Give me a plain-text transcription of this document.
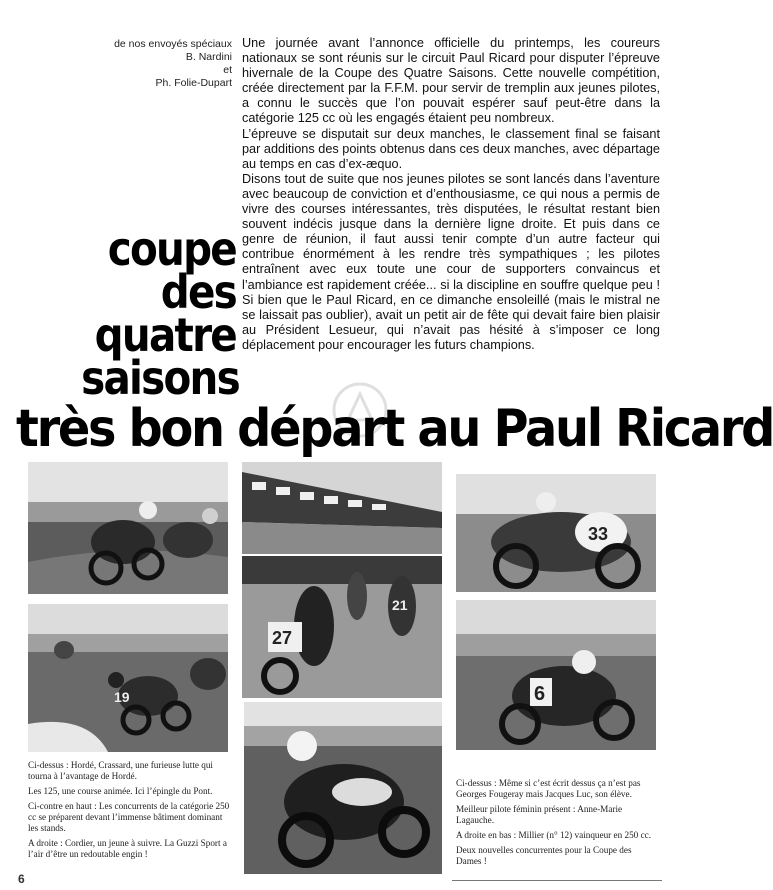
de nos envoyés spéciaux
B. Nardini
et
Ph. Folie-Dupart

Une journée avant l’annonce officielle du printemps, les coureurs nationaux se sont réunis sur le circuit Paul Ricard pour disputer l’épreuve hivernale de la Coupe des Quatre Saisons. Cette nouvelle compétition, créée directement par la F.F.M. pour servir de tremplin aux jeunes pilotes, a connu le succès que l’on pouvait espérer sauf peut-être dans la catégorie 125 cc où les engagés étaient peu nombreux.

L’épreuve se disputait sur deux manches, le classement final se faisant par additions des points obtenus dans ces deux manches, avec départage au temps en cas d’ex-æquo.

Disons tout de suite que nos jeunes pilotes se sont lancés dans l’aventure avec beaucoup de conviction et d’enthousiasme, ce qui nous a permis de vivre des courses intéressantes, très disputées, le résultat restant bien souvent indécis jusque dans la dernière ligne droite. Et puis dans ce genre de réunion, il faut aussi tenir compte d’un autre facteur qui contribue énormément à les rendre très sympathiques ; les pilotes entraînent avec eux toute une cour de supporters convaincus et l’ambiance est rapidement créée... si la discipline en souffre quelque peu ! Si bien que le Paul Ricard, en ce dimanche ensoleillé (mais le mistral ne se laissait pas oublier), avait un petit air de fête qui devait faire bien plaisir au Président Lesueur, qui n’avait pas hésité à s’imposer ce long déplacement pour encourager les futurs champions.

coupe
des
quatre
saisons
très bon départ au Paul Ricard
33
19
27
21
6

Ci-dessus : Hordé, Crassard, une furieuse lutte qui tourna à l’avantage de Hordé.

Les 125, une course animée. Ici l’épingle du Pont.

Ci-contre en haut : Les concurrents de la catégorie 250 cc se préparent devant l’immense bâtiment dominant les stands.

A droite : Cordier, un jeune à suivre. La Guzzi Sport a l’air d’être un redoutable engin !

Ci-dessus : Même si c’est écrit dessus ça n’est pas Georges Fougeray mais Jacques Luc, son élève.

Meilleur pilote féminin présent : Anne-Marie Lagauche.

A droite en bas : Millier (n° 12) vainqueur en 250 cc.

Deux nouvelles concurrentes pour la Coupe des Dames !

6
